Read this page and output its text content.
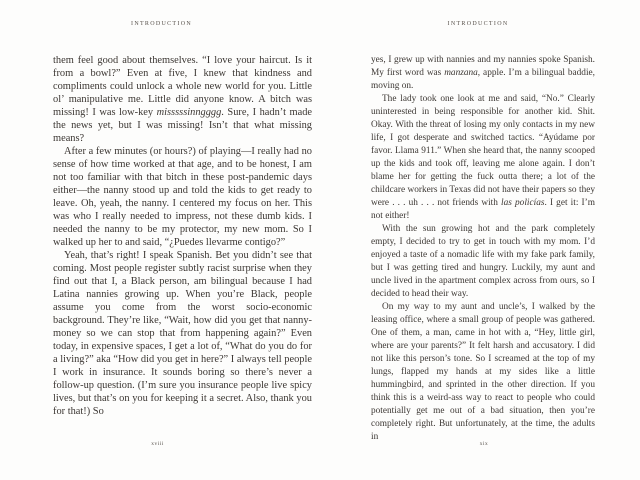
INTRODUCTION

them feel good about themselves. “I love your haircut. Is it from a bowl?” Even at five, I knew that kindness and compliments could unlock a whole new world for you. Little ol’ manipulative me. Little did anyone know. A bitch was missing! I was low-key misssssinngggg. Sure, I hadn’t made the news yet, but I was missing! Isn’t that what missing means?

After a few minutes (or hours?) of playing—I really had no sense of how time worked at that age, and to be honest, I am not too familiar with that bitch in these post-pandemic days either—the nanny stood up and told the kids to get ready to leave. Oh, yeah, the nanny. I centered my focus on her. This was who I really needed to impress, not these dumb kids. I needed the nanny to be my protector, my new mom. So I walked up her to and said, “¿Puedes llevarme contigo?”

Yeah, that’s right! I speak Spanish. Bet you didn’t see that coming. Most people register subtly racist surprise when they find out that I, a Black person, am bilingual because I had Latina nannies growing up. When you’re Black, people assume you come from the worst socio-economic background. They’re like, “Wait, how did you get that nanny-money so we can stop that from happening again?” Even today, in expensive spaces, I get a lot of, “What do you do for a living?” aka “How did you get in here?” I always tell people I work in insurance. It sounds boring so there’s never a follow-up question. (I’m sure you insurance people live spicy lives, but that’s on you for keeping it a secret. Also, thank you for that!) So

xviii
INTRODUCTION

yes, I grew up with nannies and my nannies spoke Spanish. My first word was manzana, apple. I’m a bilingual baddie, moving on.

The lady took one look at me and said, “No.” Clearly uninterested in being responsible for another kid. Shit. Okay. With the threat of losing my only contacts in my new life, I got desperate and switched tactics. “Ayúdame por favor. Llama 911.” When she heard that, the nanny scooped up the kids and took off, leaving me alone again. I don’t blame her for getting the fuck outta there; a lot of the childcare workers in Texas did not have their papers so they were . . . uh . . . not friends with las policías. I get it: I’m not either!

With the sun growing hot and the park completely empty, I decided to try to get in touch with my mom. I’d enjoyed a taste of a nomadic life with my fake park family, but I was getting tired and hungry. Luckily, my aunt and uncle lived in the apartment complex across from ours, so I decided to head their way.

On my way to my aunt and uncle’s, I walked by the leasing office, where a small group of people was gathered. One of them, a man, came in hot with a, “Hey, little girl, where are your parents?” It felt harsh and accusatory. I did not like this person’s tone. So I screamed at the top of my lungs, flapped my hands at my sides like a little hummingbird, and sprinted in the other direction. If you think this is a weird-ass way to react to people who could potentially get me out of a bad situation, then you’re completely right. But unfortunately, at the time, the adults in

xix
